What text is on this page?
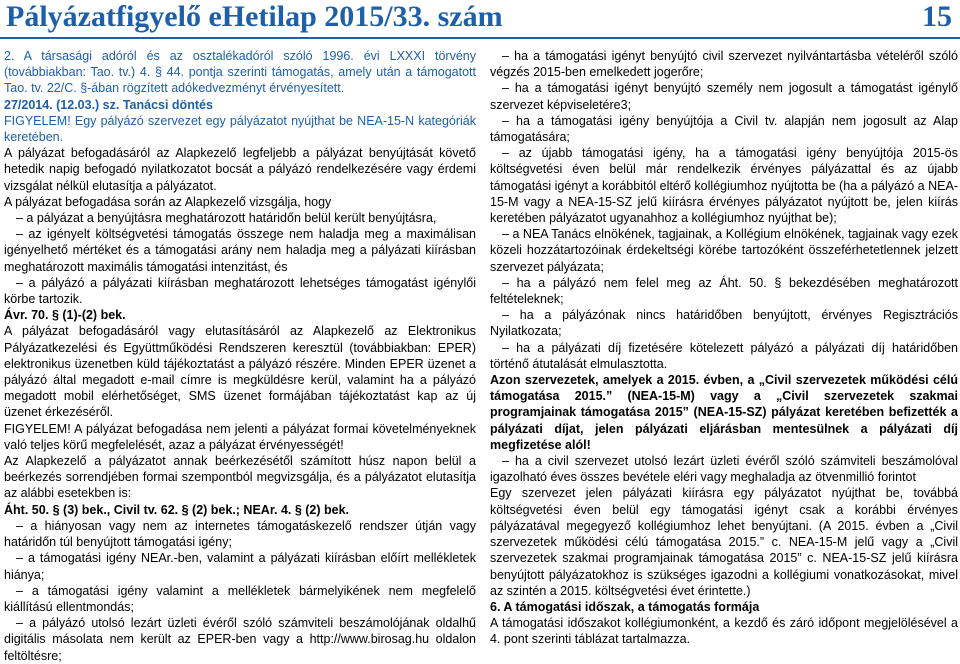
Pályázatfigyelő eHetilap 2015/33. szám	15

2. A társasági adóról és az osztalékadóról szóló 1996. évi LXXXI törvény (továbbiakban: Tao. tv.) 4. § 44. pontja szerinti támogatás, amely után a támogatott Tao. tv. 22/C. §-ában rögzített adókedvezményt érvényesített.

27/2014. (12.03.) sz. Tanácsi döntés

FIGYELEM! Egy pályázó szervezet egy pályázatot nyújthat be NEA-15-N kategóriák keretében.

A pályázat befogadásáról az Alapkezelő legfeljebb a pályázat benyújtását követő hetedik napig befogadó nyilatkozatot bocsát a pályázó rendelkezésére vagy érdemi vizsgálat nélkül elutasítja a pályázatot.

A pályázat befogadása során az Alapkezelő vizsgálja, hogy

– a pályázat a benyújtásra meghatározott határidőn belül került benyújtásra,

– az igényelt költségvetési támogatás összege nem haladja meg a maximálisan igényelhető mértéket és a támogatási arány nem haladja meg a pályázati kiírásban meghatározott maximális támogatási intenzitást, és

– a pályázó a pályázati kiírásban meghatározott lehetséges támogatást igénylői körbe tartozik.

Ávr. 70. § (1)-(2) bek.

A pályázat befogadásáról vagy elutasításáról az Alapkezelő az Elektronikus Pályázatkezelési és Együttműködési Rendszeren keresztül (továbbiakban: EPER) elektronikus üzenetben küld tájékoztatást a pályázó részére. Minden EPER üzenet a pályázó által megadott e-mail címre is megküldésre kerül, valamint ha a pályázó megadott mobil elérhetőséget, SMS üzenet formájában tájékoztatást kap az új üzenet érkezéséről.

FIGYELEM! A pályázat befogadása nem jelenti a pályázat formai követelményeknek való teljes körű megfelelését, azaz a pályázat érvényességét!

Az Alapkezelő a pályázatot annak beérkezésétől számított húsz napon belül a beérkezés sorrendjében formai szempontból megvizsgálja, és a pályázatot elutasítja az alábbi esetekben is:

Áht. 50. § (3) bek., Civil tv. 62. § (2) bek.; NEAr. 4. § (2) bek.

– a hiányosan vagy nem az internetes támogatáskezelő rendszer útján vagy határidőn túl benyújtott támogatási igény;

– a támogatási igény NEAr.-ben, valamint a pályázati kiírásban előírt mellékletek hiánya;

– a támogatási igény valamint a mellékletek bármelyikének nem megfelelő kiállítású ellentmondás;

– a pályázó utolsó lezárt üzleti évéről szóló számviteli beszámolójának oldalhű digitális másolata nem került az EPER-ben vagy a http://www.birosag.hu oldalon feltöltésre;

– ha a támogatási igényt benyújtó civil szervezet nyilvántartásba vételéről szóló végzés 2015-ben emelkedett jogerőre;

– ha a támogatási igényt benyújtó személy nem jogosult a támogatást igénylő szervezet képviseletére3;

– ha a támogatási igény benyújtója a Civil tv. alapján nem jogosult az Alap támogatására;

– az újabb támogatási igény, ha a támogatási igény benyújtója 2015-ös költségvetési éven belül már rendelkezik érvényes pályázattal és az újabb támogatási igényt a korábbitól eltérő kollégiumhoz nyújtotta be (ha a pályázó a NEA-15-M vagy a NEA-15-SZ jelű kiírásra érvényes pályázatot nyújtott be, jelen kiírás keretében pályázatot ugyanahhoz a kollégiumhoz nyújthat be);

– a NEA Tanács elnökének, tagjainak, a Kollégium elnökének, tagjainak vagy ezek közeli hozzátartozóinak érdekeltségi körébe tartozóként összeférhetetlennek jelzett szervezet pályázata;

– ha a pályázó nem felel meg az Áht. 50. § bekezdésében meghatározott feltételeknek;

– ha a pályázónak nincs határidőben benyújtott, érvényes Regisztrációs Nyilatkozata;

– ha a pályázati díj fizetésére kötelezett pályázó a pályázati díj határidőben történő átutalását elmulasztotta.

Azon szervezetek, amelyek a 2015. évben, a „Civil szervezetek működési célú támogatása 2015.” (NEA-15-M) vagy a „Civil szervezetek szakmai programjainak támogatása 2015” (NEA-15-SZ) pályázat keretében befizették a pályázati díjat, jelen pályázati eljárásban mentesülnek a pályázati díj megfizetése alól!

– ha a civil szervezet utolsó lezárt üzleti évéről szóló számviteli beszámolóval igazolható éves összes bevétele eléri vagy meghaladja az ötvenmillió forintot

Egy szervezet jelen pályázati kiírásra egy pályázatot nyújthat be, továbbá költségvetési éven belül egy támogatási igényt csak a korábbi érvényes pályázatával megegyező kollégiumhoz lehet benyújtani. (A 2015. évben a „Civil szervezetek működési célú támogatása 2015.” c. NEA-15-M jelű vagy a „Civil szervezetek szakmai programjainak támogatása 2015” c. NEA-15-SZ jelű kiírásra benyújtott pályázatokhoz is szükséges igazodni a kollégiumi vonatkozásokat, mivel az szintén a 2015. költségvetési évet érintette.)

6. A támogatási időszak, a támogatás formája

A támogatási időszakot kollégiumonként, a kezdő és záró időpont megjelölésével a 4. pont szerinti táblázat tartalmazza.
